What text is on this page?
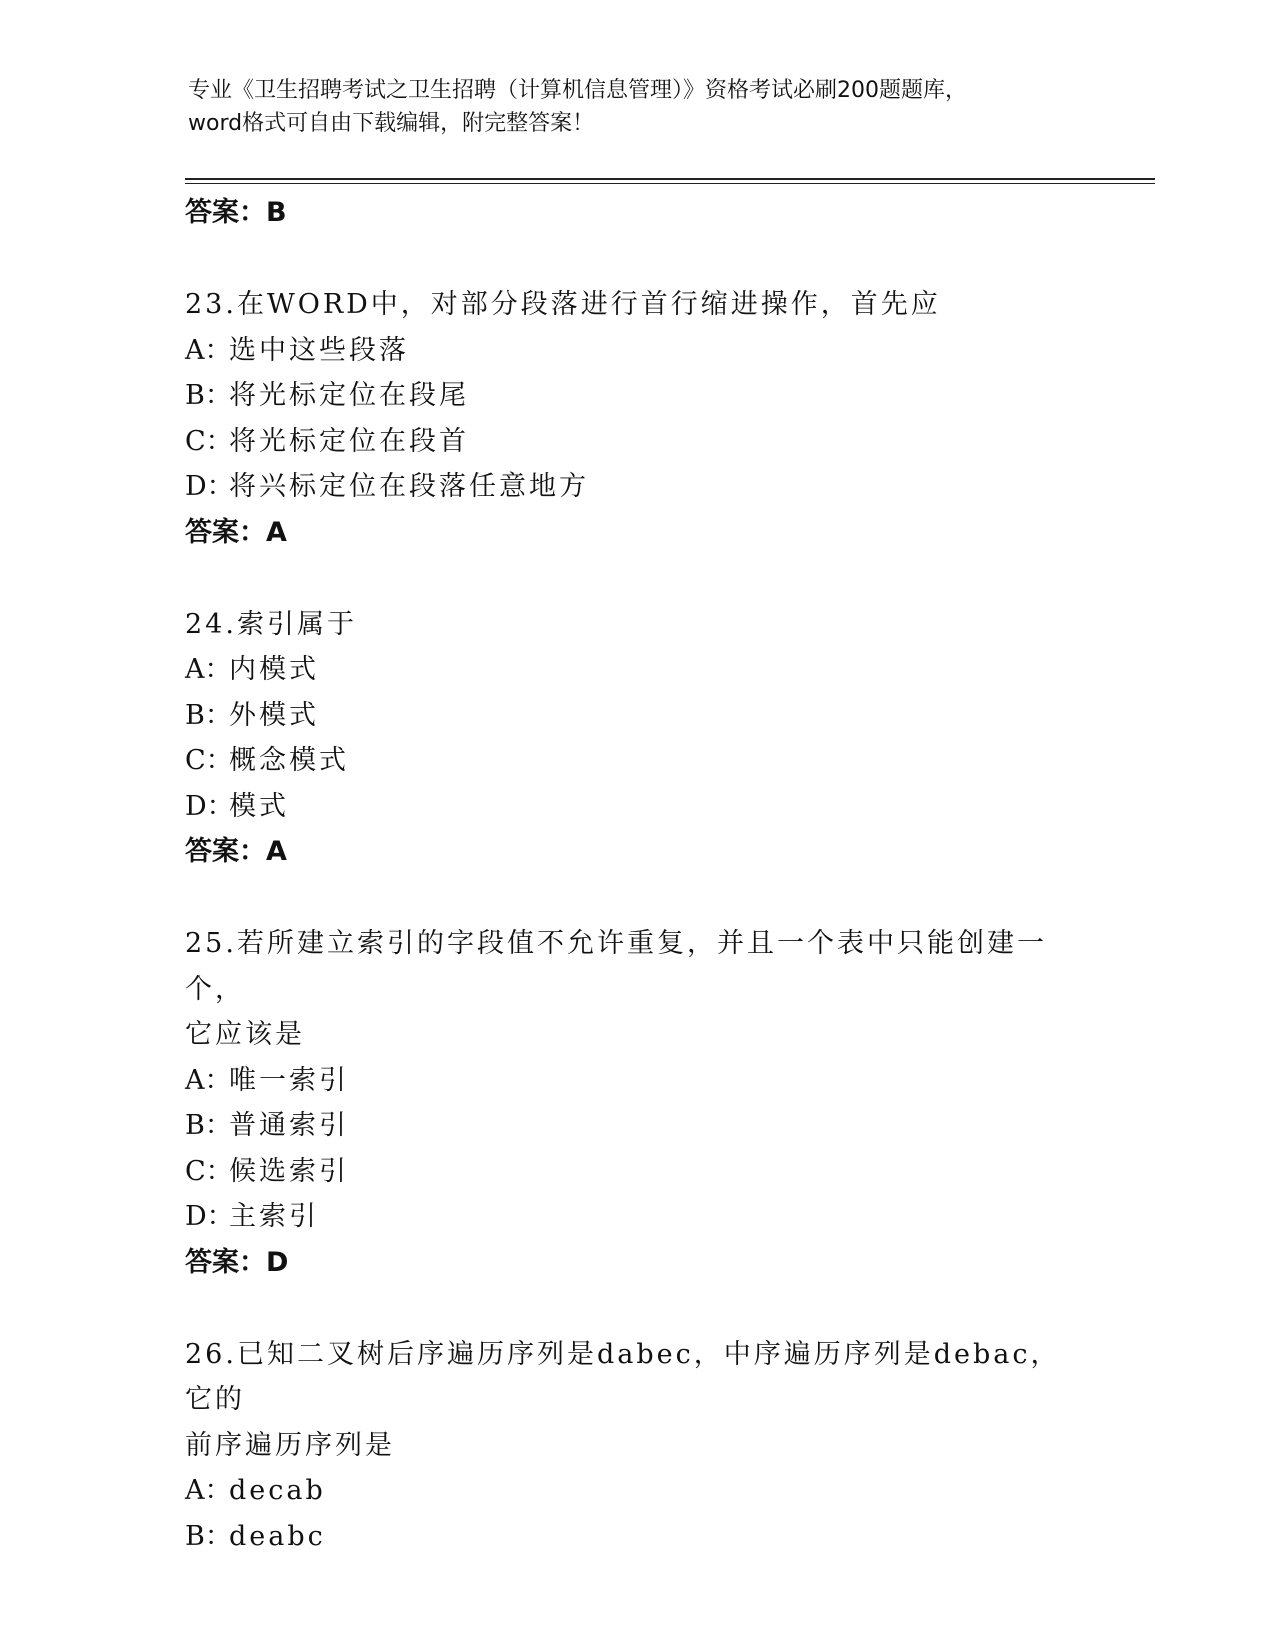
专业《卫生招聘考试之卫生招聘（计算机信息管理）》资格考试必刷200题题库，
word格式可自由下载编辑，附完整答案！
答案：B
23.在WORD中，对部分段落进行首行缩进操作，首先应
A：选中这些段落
B：将光标定位在段尾
C：将光标定位在段首
D：将兴标定位在段落任意地方
答案：A
24.索引属于
A：内模式
B：外模式
C：概念模式
D：模式
答案：A
25.若所建立索引的字段值不允许重复，并且一个表中只能创建一个，
它应该是
A：唯一索引
B：普通索引
C：候选索引
D：主索引
答案：D
26.已知二叉树后序遍历序列是dabec，中序遍历序列是debac，它的
前序遍历序列是
A：decab
B：deabc
